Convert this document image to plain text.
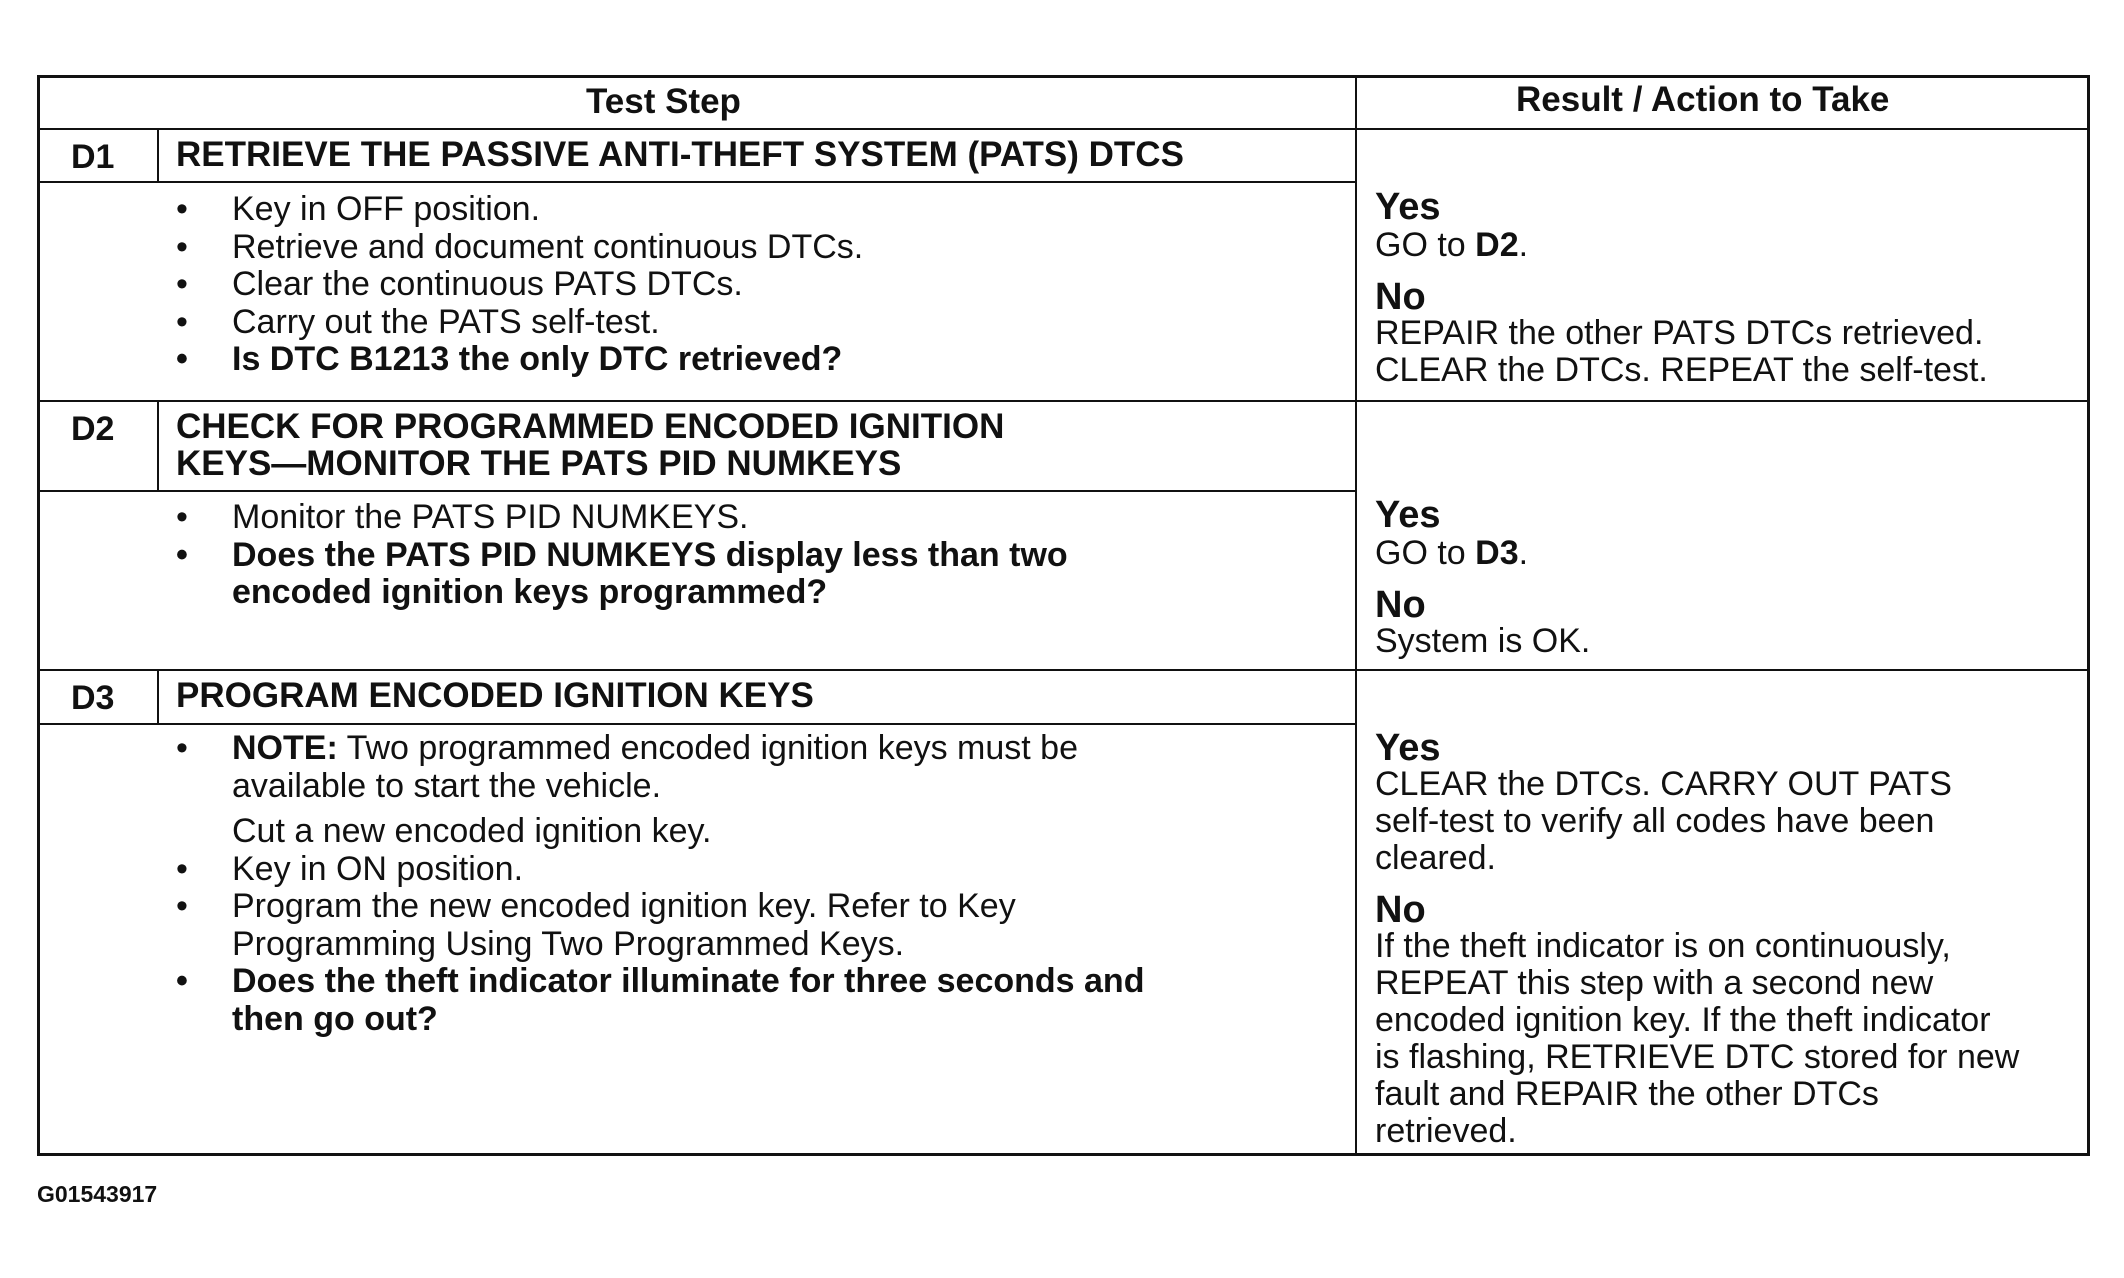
Test Step	Result / Action to Take
D1 RETRIEVE THE PASSIVE ANTI-THEFT SYSTEM (PATS) DTCS
• Key in OFF position.
• Retrieve and document continuous DTCs.
• Clear the continuous PATS DTCs.
• Carry out the PATS self-test.
• Is DTC B1213 the only DTC retrieved?
Yes
GO to D2.
No
REPAIR the other PATS DTCs retrieved.
CLEAR the DTCs. REPEAT the self-test.
D2 CHECK FOR PROGRAMMED ENCODED IGNITION
KEYS—MONITOR THE PATS PID NUMKEYS
• Monitor the PATS PID NUMKEYS.
• Does the PATS PID NUMKEYS display less than two
encoded ignition keys programmed?
Yes
GO to D3.
No
System is OK.
D3 PROGRAM ENCODED IGNITION KEYS
• NOTE: Two programmed encoded ignition keys must be
available to start the vehicle.
Cut a new encoded ignition key.
• Key in ON position.
• Program the new encoded ignition key. Refer to Key
Programming Using Two Programmed Keys.
• Does the theft indicator illuminate for three seconds and
then go out?
Yes
CLEAR the DTCs. CARRY OUT PATS
self-test to verify all codes have been
cleared.
No
If the theft indicator is on continuously,
REPEAT this step with a second new
encoded ignition key. If the theft indicator
is flashing, RETRIEVE DTC stored for new
fault and REPAIR the other DTCs
retrieved.
G01543917
